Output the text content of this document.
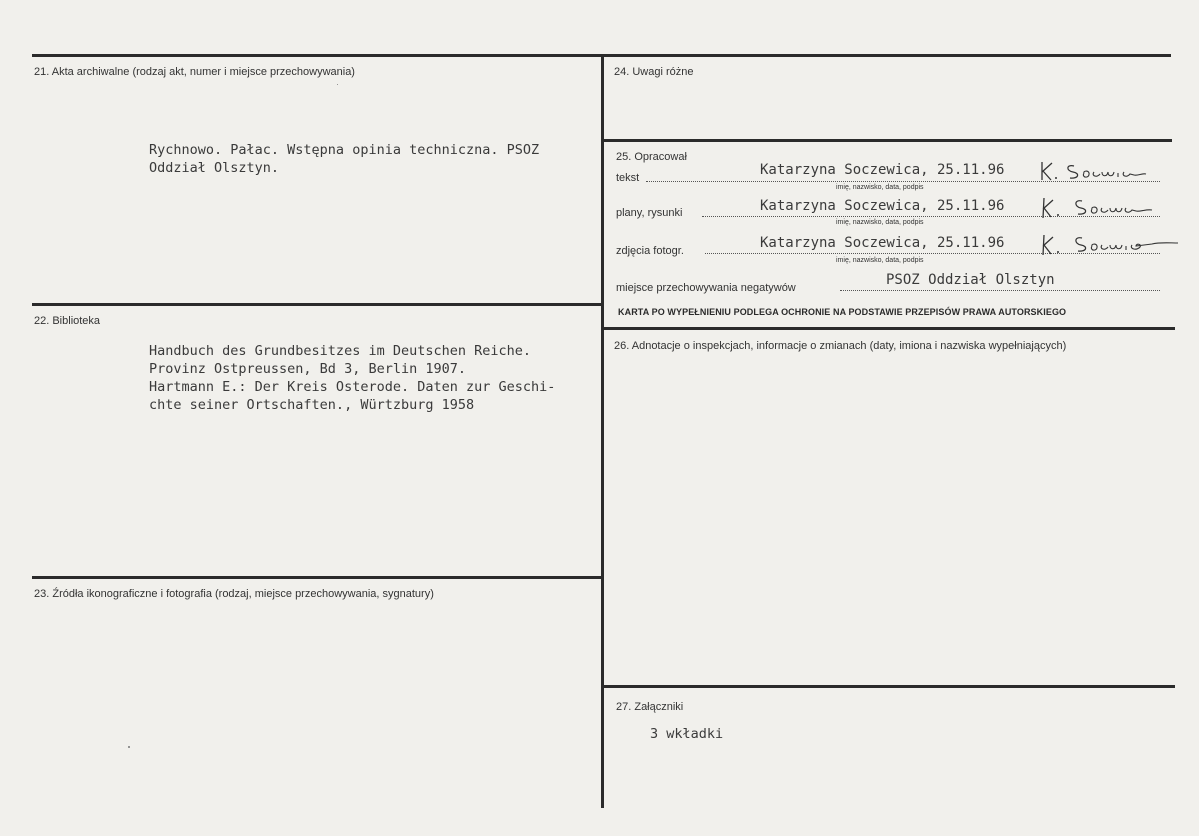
21. Akta archiwalne (rodzaj akt, numer i miejsce przechowywania)
Rychnowo. Pałac. Wstępna opinia techniczna. PSOZ
Oddział Olsztyn.
22. Biblioteka
Handbuch des Grundbesitzes im Deutschen Reiche.
Provinz Ostpreussen, Bd 3, Berlin 1907.
Hartmann E.: Der Kreis Osterode. Daten zur Geschi-
chte seiner Ortschaften., Würtzburg 1958
23. Źródła ikonograficzne i fotografia (rodzaj, miejsce przechowywania, sygnatury)
24. Uwagi różne
25. Opracował
tekst	Katarzyna Soczewica, 25.11.96
imię, nazwisko, data, podpis
plany, rysunki	Katarzyna Soczewica, 25.11.96
imię, nazwisko, data, podpis
zdjęcia fotogr.	Katarzyna Soczewica, 25.11.96
imię, nazwisko, data, podpis
miejsce przechowywania negatywów	PSOZ Oddział Olsztyn
KARTA PO WYPEŁNIENIU PODLEGA OCHRONIE NA PODSTAWIE PRZEPISÓW PRAWA AUTORSKIEGO
26. Adnotacje o inspekcjach, informacje o zmianach (daty, imiona i nazwiska wypełniających)
27. Załączniki
3 wkładki
